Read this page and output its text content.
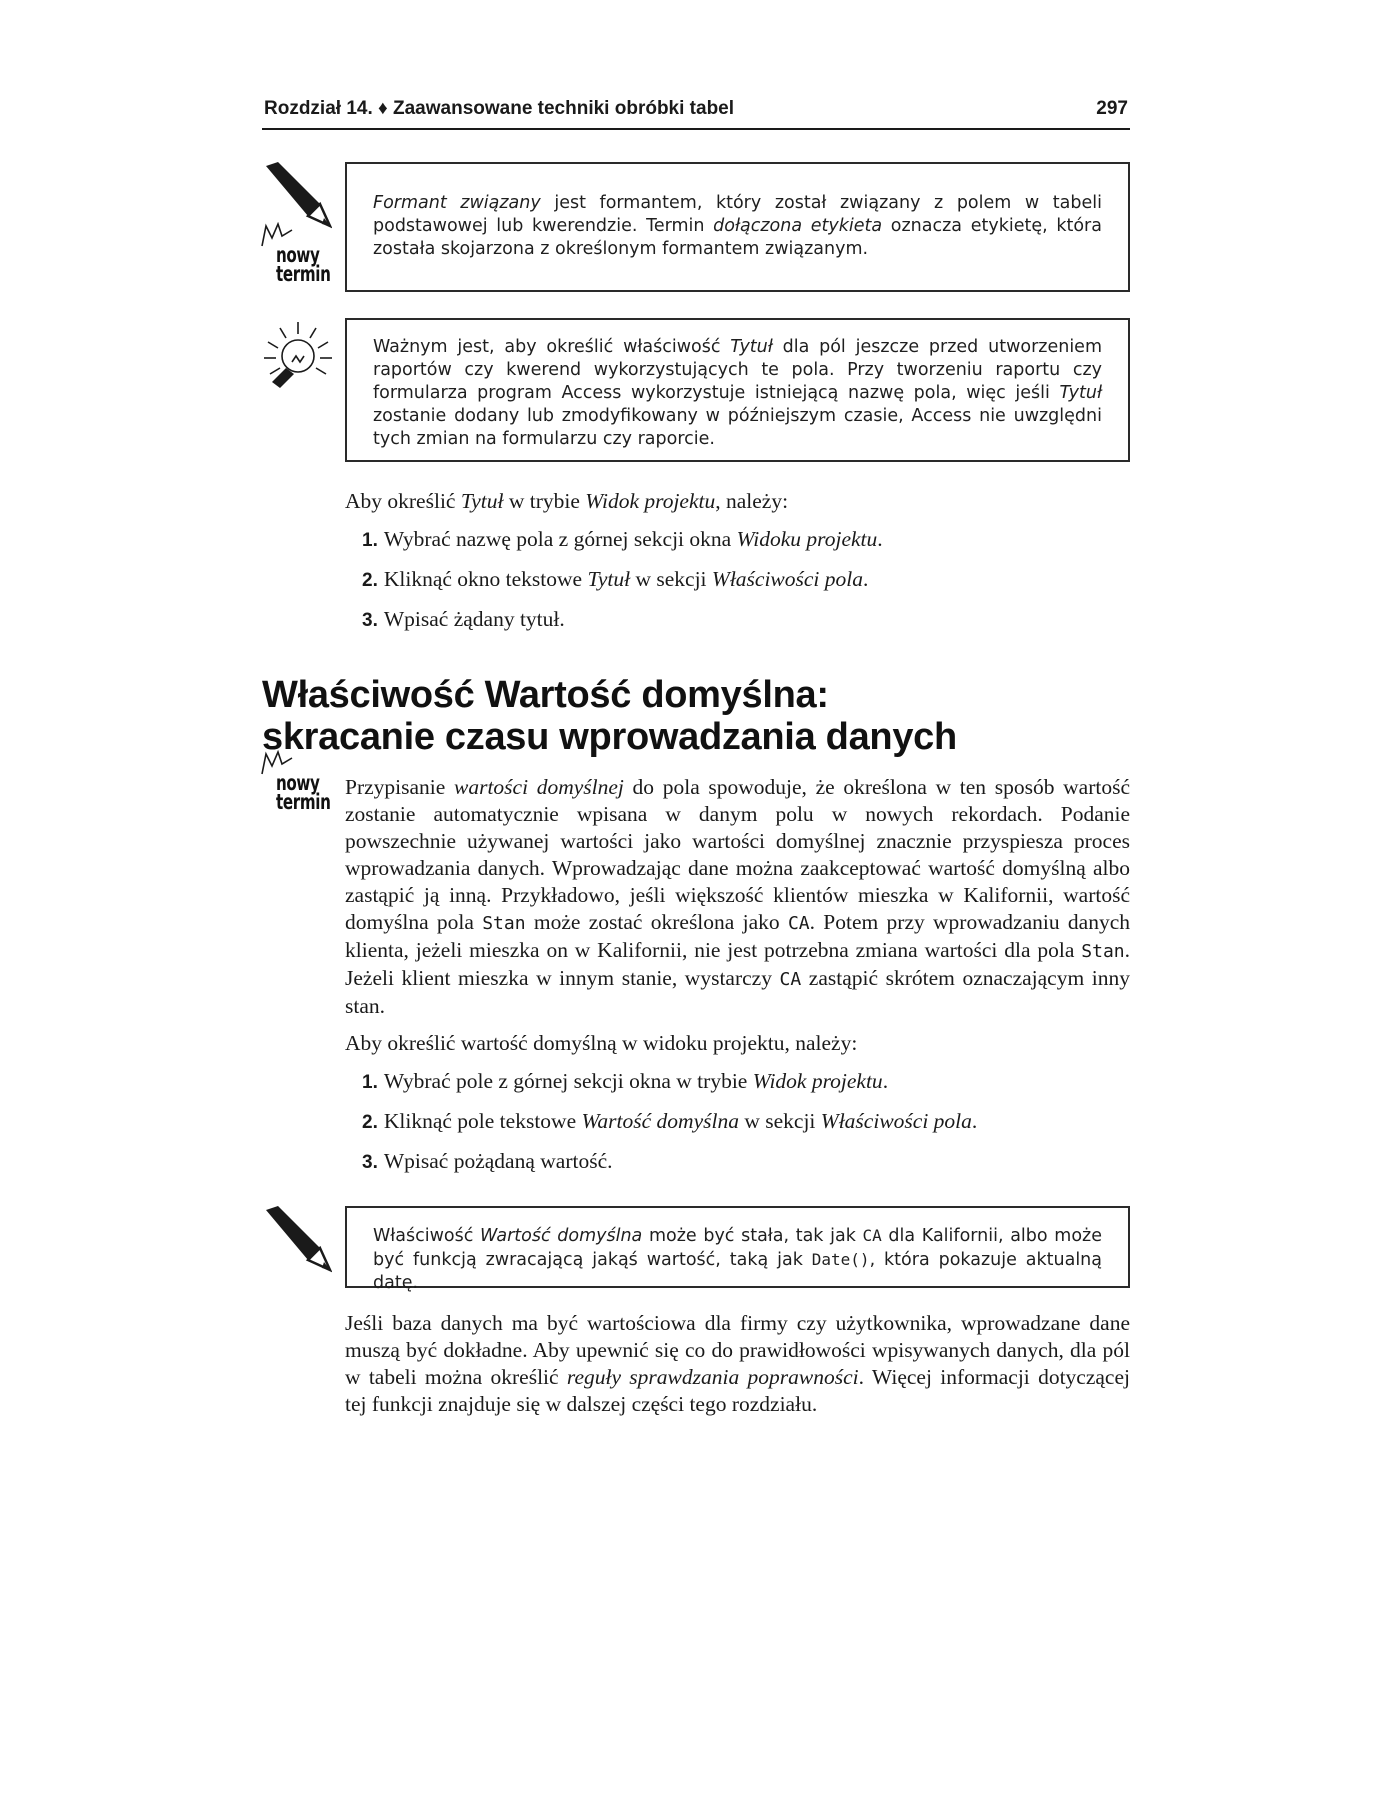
Rozdział 14. ♦ Zaawansowane techniki obróbki tabel	297
nowy
termin

Formant związany jest formantem, który został związany z polem w tabeli podstawowej lub kwerendzie. Termin dołączona etykieta oznacza etykietę, która została skojarzona z określonym formantem związanym.

Ważnym jest, aby określić właściwość Tytuł dla pól jeszcze przed utworzeniem raportów czy kwerend wykorzystujących te pola. Przy tworzeniu raportu czy formularza program Access wykorzystuje istniejącą nazwę pola, więc jeśli Tytuł zostanie dodany lub zmodyfikowany w późniejszym czasie, Access nie uwzględni tych zmian na formularzu czy raporcie.

Aby określić Tytuł w trybie Widok projektu, należy:
1. Wybrać nazwę pola z górnej sekcji okna Widoku projektu.
2. Kliknąć okno tekstowe Tytuł w sekcji Właściwości pola.
3. Wpisać żądany tytuł.
Właściwość Wartość domyślna:
skracanie czasu wprowadzania danych
nowy
termin
Przypisanie wartości domyślnej do pola spowoduje, że określona w ten sposób wartość zostanie automatycznie wpisana w danym polu w nowych rekordach. Podanie powszechnie używanej wartości jako wartości domyślnej znacznie przyspiesza proces wprowadzania danych. Wprowadzając dane można zaakceptować wartość domyślną albo zastąpić ją inną. Przykładowo, jeśli większość klientów mieszka w Kalifornii, wartość domyślna pola Stan może zostać określona jako CA. Potem przy wprowadzaniu danych klienta, jeżeli mieszka on w Kalifornii, nie jest potrzebna zmiana wartości dla pola Stan. Jeżeli klient mieszka w innym stanie, wystarczy CA zastąpić skrótem oznaczającym inny stan.
Aby określić wartość domyślną w widoku projektu, należy:
1. Wybrać pole z górnej sekcji okna w trybie Widok projektu.
2. Kliknąć pole tekstowe Wartość domyślna w sekcji Właściwości pola.
3. Wpisać pożądaną wartość.

Właściwość Wartość domyślna może być stała, tak jak CA dla Kalifornii, albo może być funkcją zwracającą jakąś wartość, taką jak Date(), która pokazuje aktualną datę.

Jeśli baza danych ma być wartościowa dla firmy czy użytkownika, wprowadzane dane muszą być dokładne. Aby upewnić się co do prawidłowości wpisywanych danych, dla pól w tabeli można określić reguły sprawdzania poprawności. Więcej informacji dotyczącej tej funkcji znajduje się w dalszej części tego rozdziału.
